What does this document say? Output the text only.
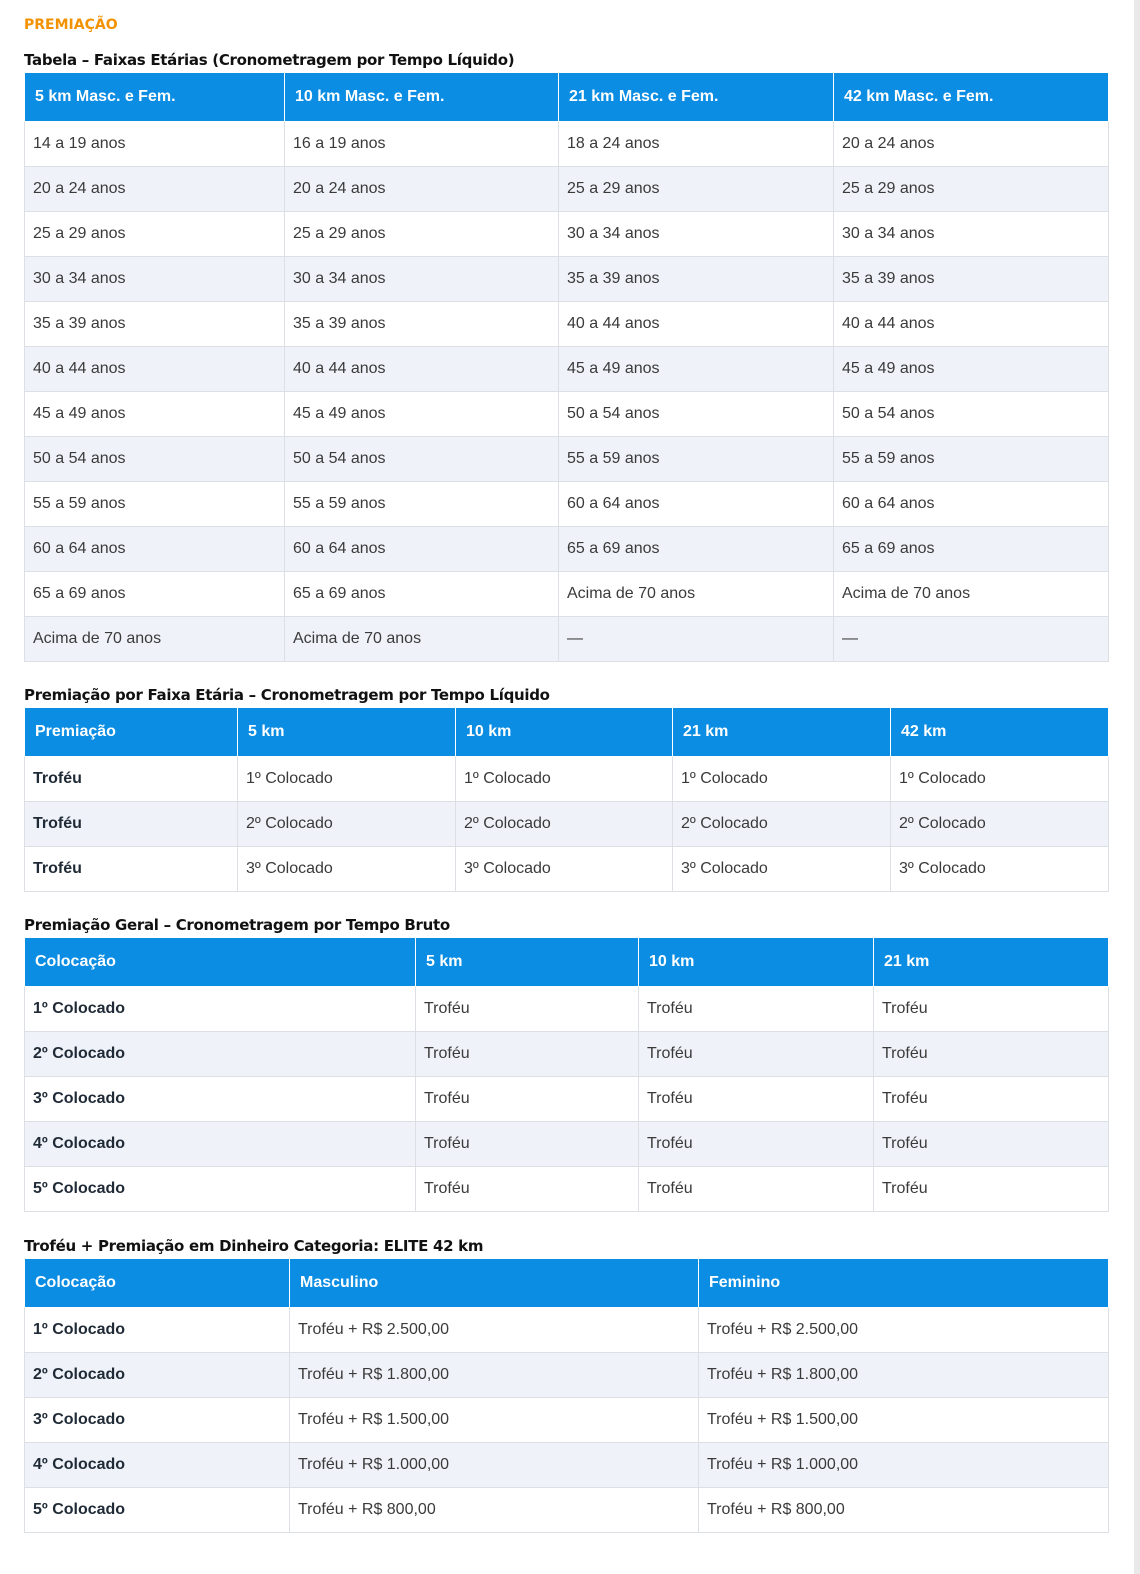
PREMIAÇÃO
Tabela – Faixas Etárias (Cronometragem por Tempo Líquido)
5 km Masc. e Fem.	10 km Masc. e Fem.	21 km Masc. e Fem.	42 km Masc. e Fem.
14 a 19 anos	16 a 19 anos	18 a 24 anos	20 a 24 anos
20 a 24 anos	20 a 24 anos	25 a 29 anos	25 a 29 anos
25 a 29 anos	25 a 29 anos	30 a 34 anos	30 a 34 anos
30 a 34 anos	30 a 34 anos	35 a 39 anos	35 a 39 anos
35 a 39 anos	35 a 39 anos	40 a 44 anos	40 a 44 anos
40 a 44 anos	40 a 44 anos	45 a 49 anos	45 a 49 anos
45 a 49 anos	45 a 49 anos	50 a 54 anos	50 a 54 anos
50 a 54 anos	50 a 54 anos	55 a 59 anos	55 a 59 anos
55 a 59 anos	55 a 59 anos	60 a 64 anos	60 a 64 anos
60 a 64 anos	60 a 64 anos	65 a 69 anos	65 a 69 anos
65 a 69 anos	65 a 69 anos	Acima de 70 anos	Acima de 70 anos
Acima de 70 anos	Acima de 70 anos	—	—
Premiação por Faixa Etária – Cronometragem por Tempo Líquido
Premiação	5 km	10 km	21 km	42 km
Troféu	1º Colocado	1º Colocado	1º Colocado	1º Colocado
Troféu	2º Colocado	2º Colocado	2º Colocado	2º Colocado
Troféu	3º Colocado	3º Colocado	3º Colocado	3º Colocado
Premiação Geral – Cronometragem por Tempo Bruto
Colocação	5 km	10 km	21 km
1º Colocado	Troféu	Troféu	Troféu
2º Colocado	Troféu	Troféu	Troféu
3º Colocado	Troféu	Troféu	Troféu
4º Colocado	Troféu	Troféu	Troféu
5º Colocado	Troféu	Troféu	Troféu
Troféu + Premiação em Dinheiro Categoria: ELITE 42 km
Colocação	Masculino	Feminino
1º Colocado	Troféu + R$ 2.500,00	Troféu + R$ 2.500,00
2º Colocado	Troféu + R$ 1.800,00	Troféu + R$ 1.800,00
3º Colocado	Troféu + R$ 1.500,00	Troféu + R$ 1.500,00
4º Colocado	Troféu + R$ 1.000,00	Troféu + R$ 1.000,00
5º Colocado	Troféu + R$ 800,00	Troféu + R$ 800,00
